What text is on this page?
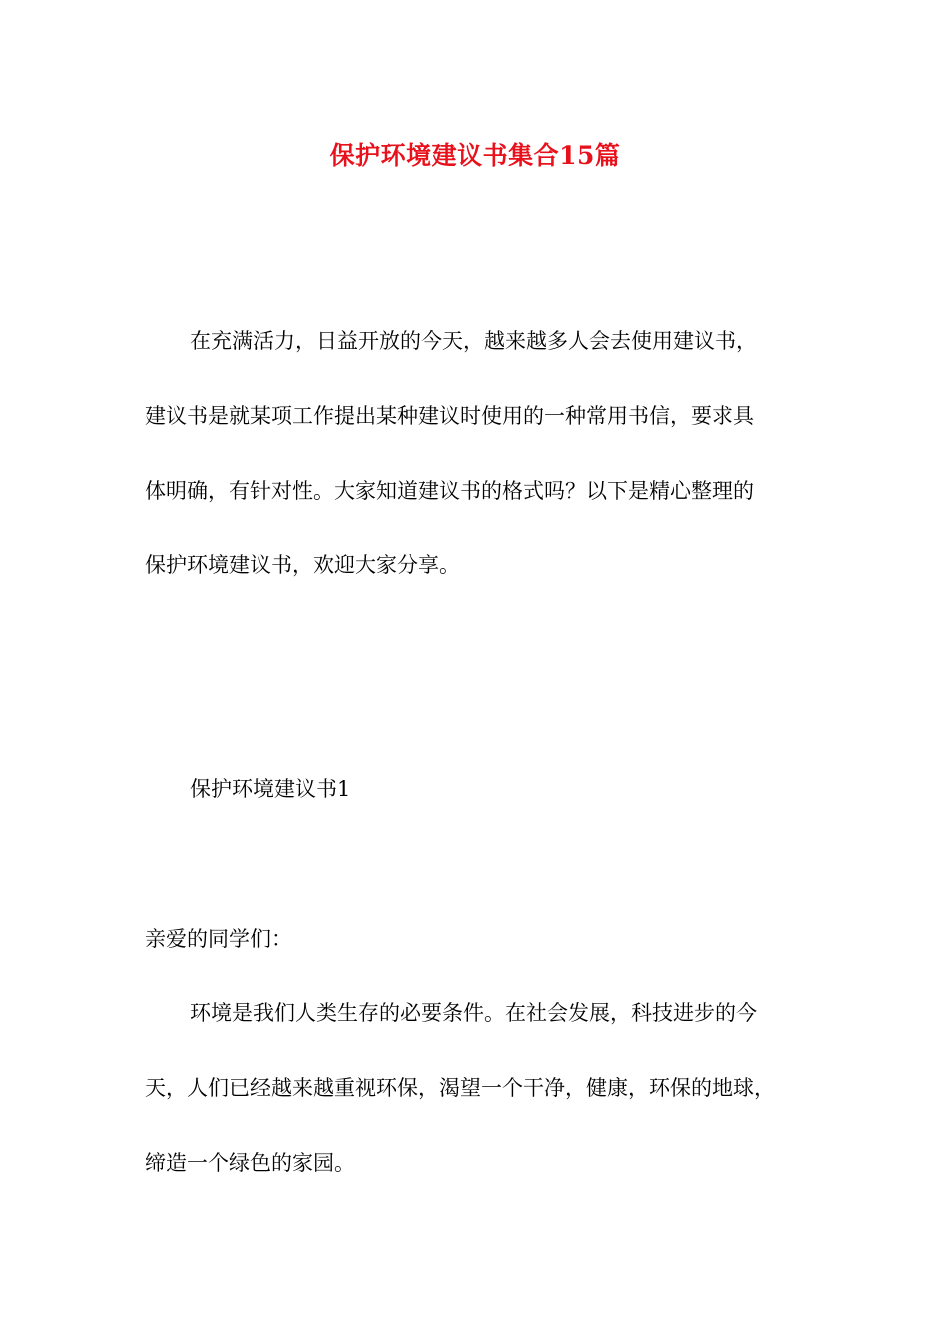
保护环境建议书集合15篇
在充满活力，日益开放的今天，越来越多人会去使用建议书，
建议书是就某项工作提出某种建议时使用的一种常用书信，要求具
体明确，有针对性。大家知道建议书的格式吗？以下是精心整理的
保护环境建议书，欢迎大家分享。
保护环境建议书1
亲爱的同学们：
环境是我们人类生存的必要条件。在社会发展，科技进步的今
天，人们已经越来越重视环保，渴望一个干净，健康，环保的地球，
缔造一个绿色的家园。
